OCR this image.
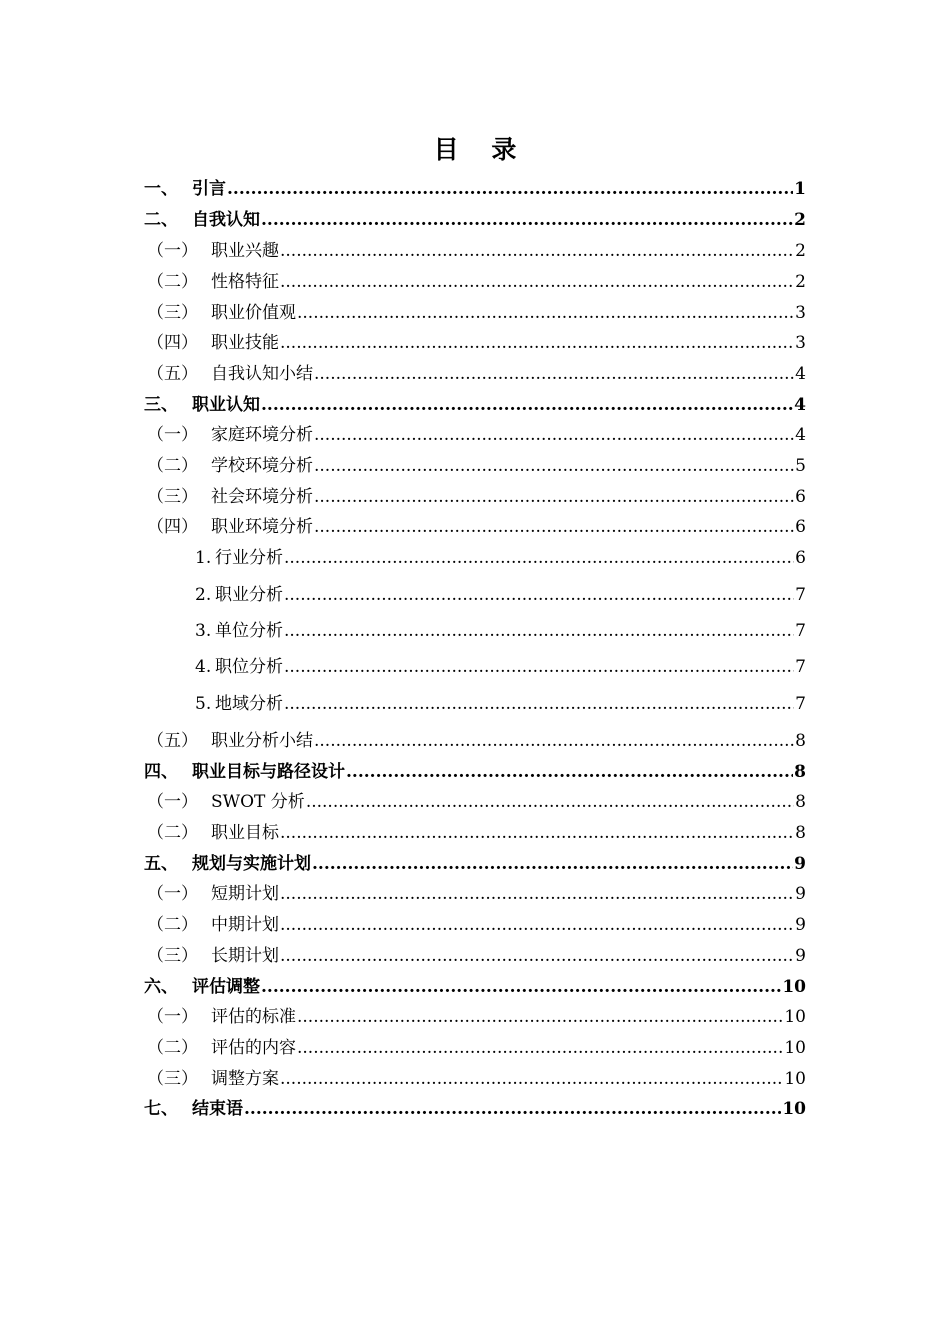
目 录
一、 引言 .....	1
二、 自我认知 .....	2
（一） 职业兴趣 .....	2
（二） 性格特征 .....	2
（三） 职业价值观 .....	3
（四） 职业技能 .....	3
（五） 自我认知小结 .....	4
三、 职业认知 .....	4
（一） 家庭环境分析 .....	4
（二） 学校环境分析 .....	5
（三） 社会环境分析 .....	6
（四） 职业环境分析 .....	6
1. 行业分析 .....	6
2. 职业分析 .....	7
3. 单位分析 .....	7
4. 职位分析 .....	7
5. 地域分析 .....	7
（五） 职业分析小结 .....	8
四、 职业目标与路径设计 .....	8
（一） SWOT 分析 .....	8
（二） 职业目标 .....	8
五、 规划与实施计划 .....	9
（一） 短期计划 .....	9
（二） 中期计划 .....	9
（三） 长期计划 .....	9
六、 评估调整 .....	10
（一） 评估的标准 .....	10
（二） 评估的内容 .....	10
（三） 调整方案 .....	10
七、 结束语 .....	10
